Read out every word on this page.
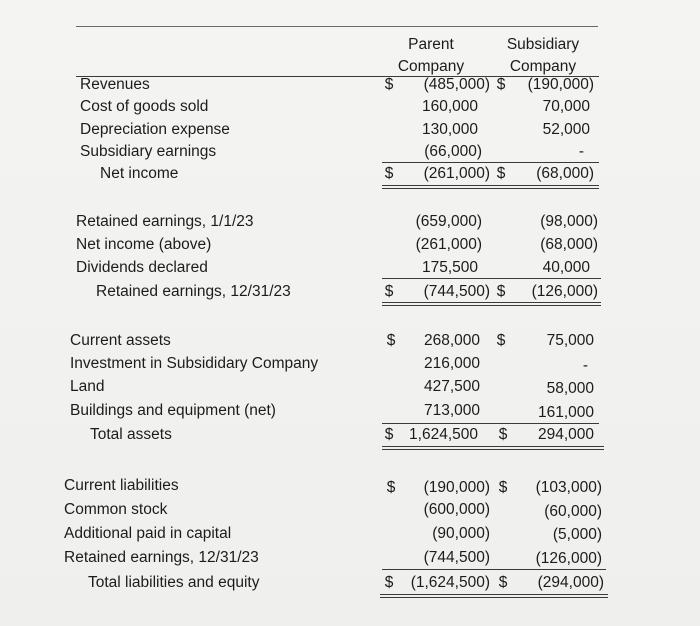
Parent
Company
Subsidiary
Company
Revenues	$	(485,000) $	(190,000)
Cost of goods sold	160,000	70,000
Depreciation expense	130,000	52,000
Subsidiary earnings	(66,000)	-
Net income	$	(261,000) $	(68,000)
Retained earnings, 1/1/23	(659,000)	(98,000)
Net income (above)	(261,000)	(68,000)
Dividends declared	175,500	40,000
Retained earnings, 12/31/23	$	(744,500) $	(126,000)
Current assets	$	268,000 $	75,000
Investment in Subsididary Company	216,000	-
Land	427,500	58,000
Buildings and equipment (net)	713,000	161,000
Total assets	$	1,624,500 $	294,000
Current liabilities	$	(190,000) $	(103,000)
Common stock	(600,000)	(60,000)
Additional paid in capital	(90,000)	(5,000)
Retained earnings, 12/31/23	(744,500)	(126,000)
Total liabilities and equity	$	(1,624,500) $	(294,000)
